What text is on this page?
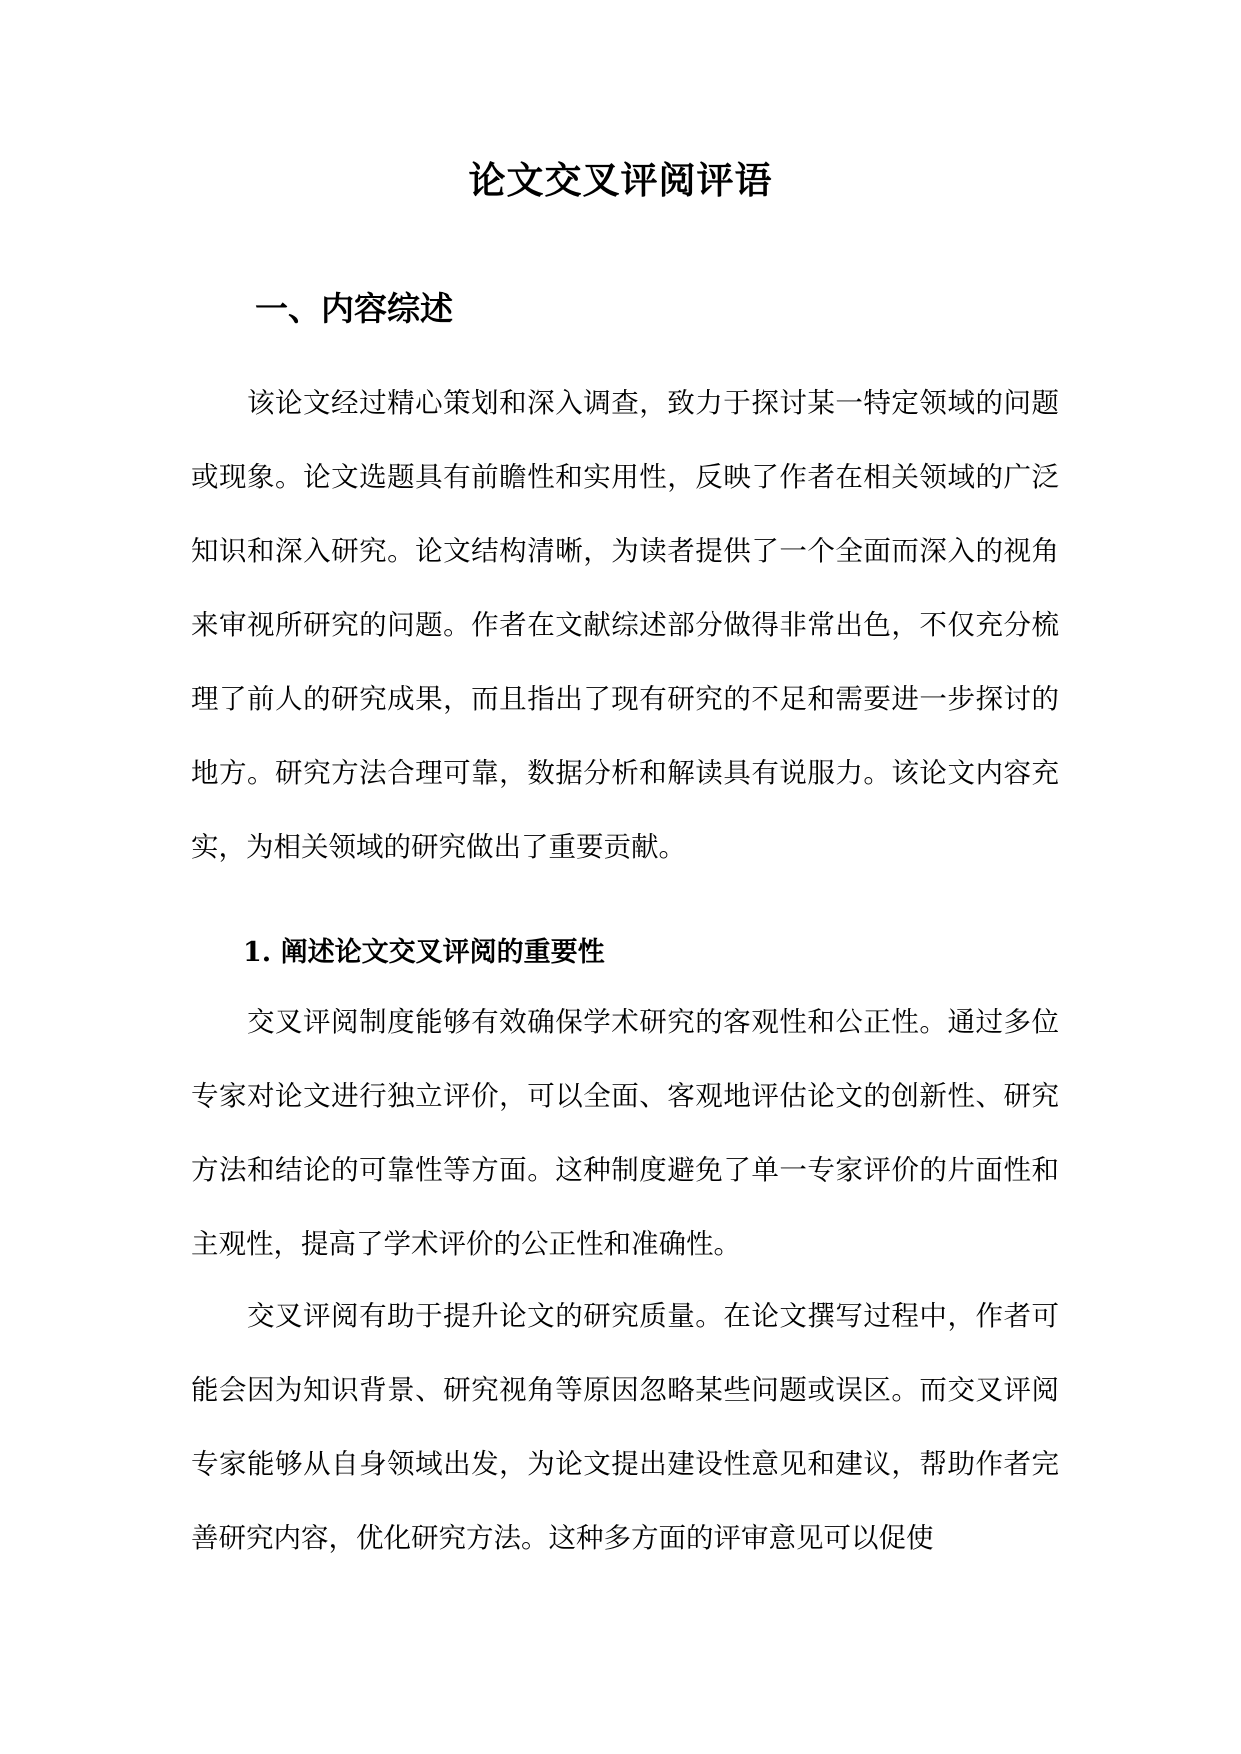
论文交叉评阅评语
一、内容综述
该论文经过精心策划和深入调查，致力于探讨某一特定领域的问题或现象。论文选题具有前瞻性和实用性，反映了作者在相关领域的广泛知识和深入研究。论文结构清晰，为读者提供了一个全面而深入的视角来审视所研究的问题。作者在文献综述部分做得非常出色，不仅充分梳理了前人的研究成果，而且指出了现有研究的不足和需要进一步探讨的地方。研究方法合理可靠，数据分析和解读具有说服力。该论文内容充实，为相关领域的研究做出了重要贡献。
1. 阐述论文交叉评阅的重要性
交叉评阅制度能够有效确保学术研究的客观性和公正性。通过多位专家对论文进行独立评价，可以全面、客观地评估论文的创新性、研究方法和结论的可靠性等方面。这种制度避免了单一专家评价的片面性和主观性，提高了学术评价的公正性和准确性。
交叉评阅有助于提升论文的研究质量。在论文撰写过程中，作者可能会因为知识背景、研究视角等原因忽略某些问题或误区。而交叉评阅专家能够从自身领域出发，为论文提出建设性意见和建议，帮助作者完善研究内容，优化研究方法。这种多方面的评审意见可以促使
